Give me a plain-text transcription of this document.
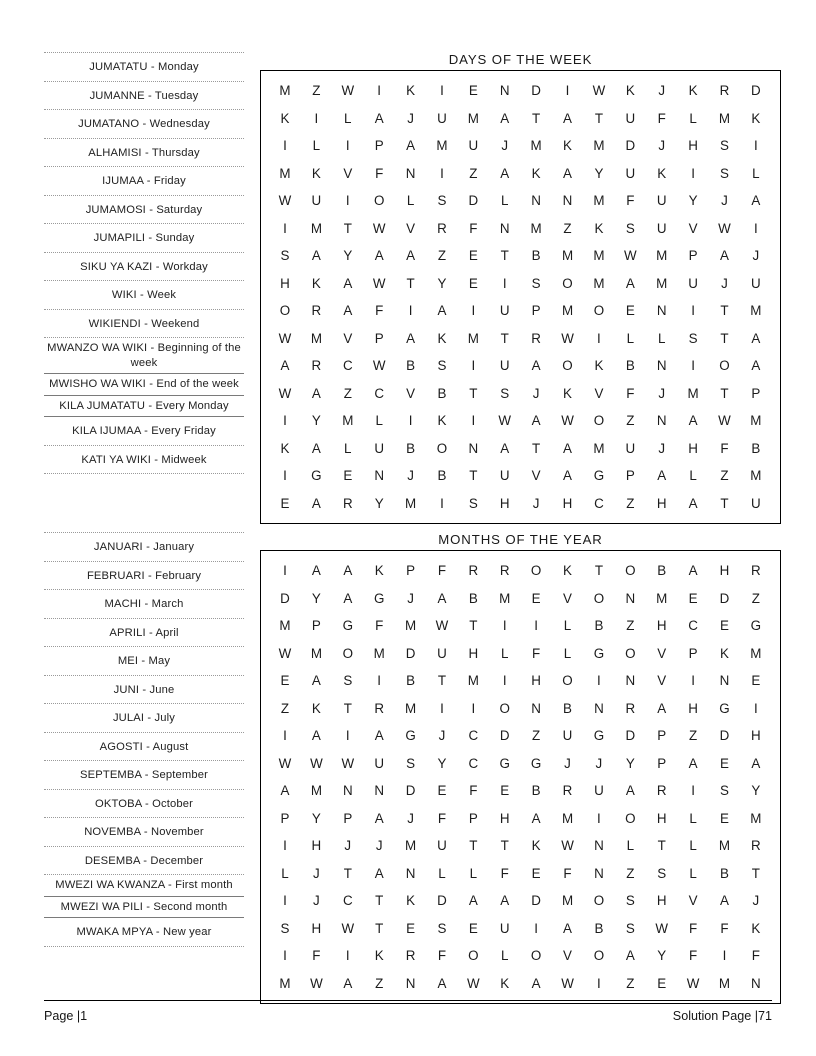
JUMATATU - Monday
JUMANNE - Tuesday
JUMATANO - Wednesday
ALHAMISI - Thursday
IJUMAA - Friday
JUMAMOSI - Saturday
JUMAPILI - Sunday
SIKU YA KAZI - Workday
WIKI - Week
WIKIENDI - Weekend
MWANZO WA WIKI - Beginning of the week
MWISHO WA WIKI - End of the week
KILA JUMATATU - Every Monday
KILA IJUMAA - Every Friday
KATI YA WIKI - Midweek
DAYS OF THE WEEK
M	Z	W	I	K	I	E	N	D	I	W	K	J	K	R	D
K	I	L	A	J	U	M	A	T	A	T	U	F	L	M	K
I	L	I	P	A	M	U	J	M	K	M	D	J	H	S	I
M	K	V	F	N	I	Z	A	K	A	Y	U	K	I	S	L
W	U	I	O	L	S	D	L	N	N	M	F	U	Y	J	A
I	M	T	W	V	R	F	N	M	Z	K	S	U	V	W	I
S	A	Y	A	A	Z	E	T	B	M	M	W	M	P	A	J
H	K	A	W	T	Y	E	I	S	O	M	A	M	U	J	U
O	R	A	F	I	A	I	U	P	M	O	E	N	I	T	M
W	M	V	P	A	K	M	T	R	W	I	L	L	S	T	A
A	R	C	W	B	S	I	U	A	O	K	B	N	I	O	A
W	A	Z	C	V	B	T	S	J	K	V	F	J	M	T	P
I	Y	M	L	I	K	I	W	A	W	O	Z	N	A	W	M
K	A	L	U	B	O	N	A	T	A	M	U	J	H	F	B
I	G	E	N	J	B	T	U	V	A	G	P	A	L	Z	M
E	A	R	Y	M	I	S	H	J	H	C	Z	H	A	T	U
JANUARI - January
FEBRUARI - February
MACHI - March
APRILI - April
MEI - May
JUNI - June
JULAI - July
AGOSTI - August
SEPTEMBA - September
OKTOBA - October
NOVEMBA - November
DESEMBA - December
MWEZI WA KWANZA - First month
MWEZI WA PILI - Second month
MWAKA MPYA - New year
MONTHS OF THE YEAR
I	A	A	K	P	F	R	R	O	K	T	O	B	A	H	R
D	Y	A	G	J	A	B	M	E	V	O	N	M	E	D	Z
M	P	G	F	M	W	T	I	I	L	B	Z	H	C	E	G
W	M	O	M	D	U	H	L	F	L	G	O	V	P	K	M
E	A	S	I	B	T	M	I	H	O	I	N	V	I	N	E
Z	K	T	R	M	I	I	O	N	B	N	R	A	H	G	I
I	A	I	A	G	J	C	D	Z	U	G	D	P	Z	D	H
W	W	W	U	S	Y	C	G	G	J	J	Y	P	A	E	A
A	M	N	N	D	E	F	E	B	R	U	A	R	I	S	Y
P	Y	P	A	J	F	P	H	A	M	I	O	H	L	E	M
I	H	J	J	M	U	T	T	K	W	N	L	T	L	M	R
L	J	T	A	N	L	L	F	E	F	N	Z	S	L	B	T
I	J	C	T	K	D	A	A	D	M	O	S	H	V	A	J
S	H	W	T	E	S	E	U	I	A	B	S	W	F	F	K
I	F	I	K	R	F	O	L	O	V	O	A	Y	F	I	F
M	W	A	Z	N	A	W	K	A	W	I	Z	E	W	M	N
Page |1	Solution Page |71
